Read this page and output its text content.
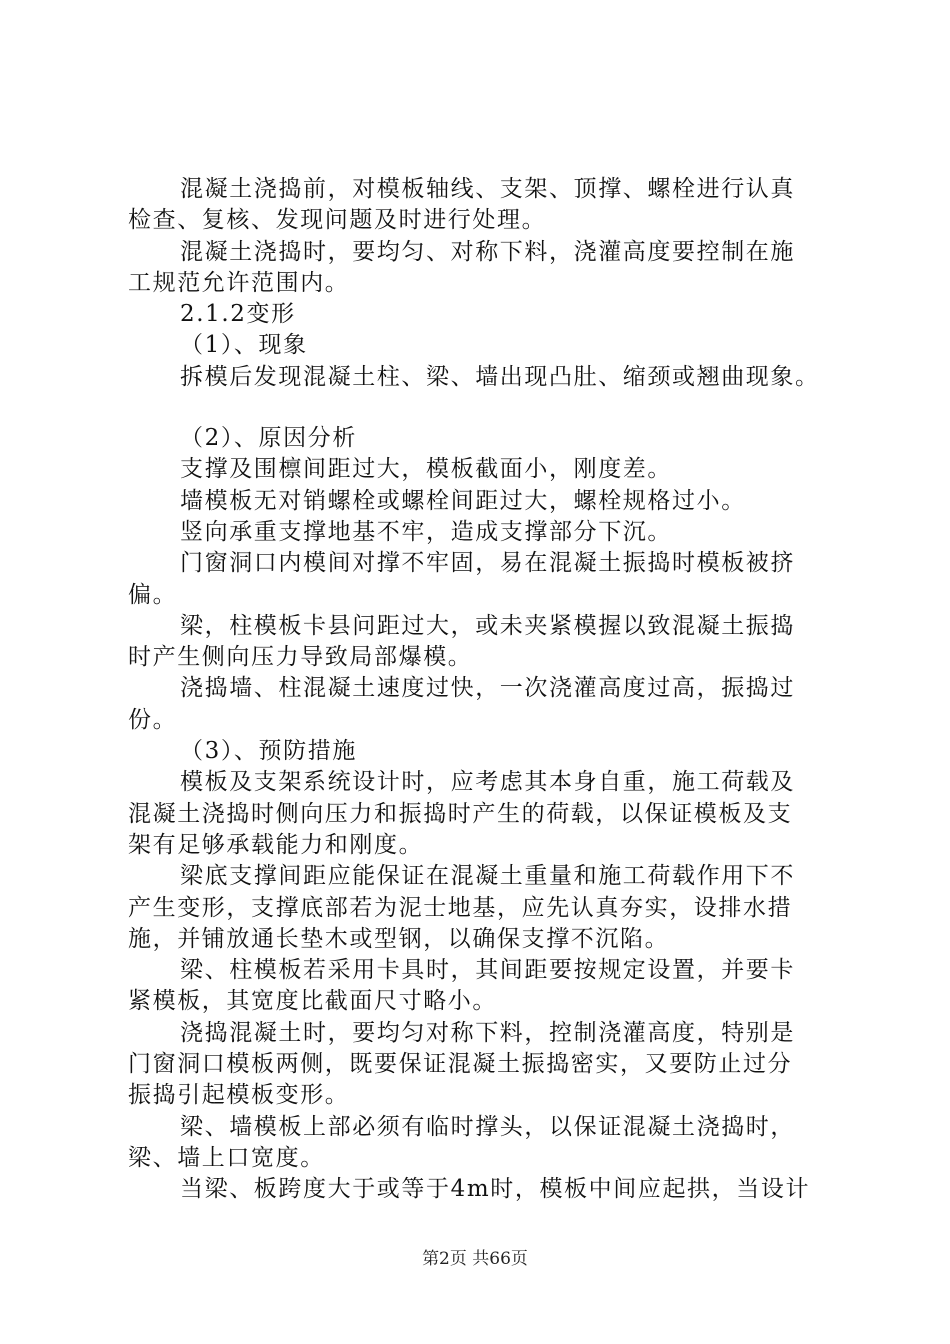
混凝土浇捣前，对模板轴线、支架、顶撑、螺栓进行认真
检查、复核、发现问题及时进行处理。
混凝土浇捣时，要均匀、对称下料，浇灌高度要控制在施
工规范允许范围内。
2.1.2变形
（1）、现象
拆模后发现混凝土柱、梁、墙出现凸肚、缩颈或翘曲现象。
（2）、原因分析
支撑及围檩间距过大，模板截面小，刚度差。
墙模板无对销螺栓或螺栓间距过大，螺栓规格过小。
竖向承重支撑地基不牢，造成支撑部分下沉。
门窗洞口内模间对撑不牢固，易在混凝土振捣时模板被挤
偏。
梁，柱模板卡县问距过大，或未夹紧模握以致混凝土振捣
时产生侧向压力导致局部爆模。
浇捣墙、柱混凝土速度过快，一次浇灌高度过高，振捣过
份。
（3）、预防措施
模板及支架系统设计时，应考虑其本身自重，施工荷载及
混凝土浇捣时侧向压力和振捣时产生的荷载，以保证模板及支
架有足够承载能力和刚度。
梁底支撑间距应能保证在混凝土重量和施工荷载作用下不
产生变形，支撑底部若为泥士地基，应先认真夯实，设排水措
施，并铺放通长垫木或型钢，以确保支撑不沉陷。
梁、柱模板若采用卡具时，其间距要按规定设置，并要卡
紧模板，其宽度比截面尺寸略小。
浇捣混凝土时，要均匀对称下料，控制浇灌高度，特别是
门窗洞口模板两侧，既要保证混凝土振捣密实，又要防止过分
振捣引起模板变形。
梁、墙模板上部必须有临时撑头，以保证混凝土浇捣时，
梁、墙上口宽度。
当梁、板跨度大于或等于4m时，模板中间应起拱，当设计
第2页 共66页
